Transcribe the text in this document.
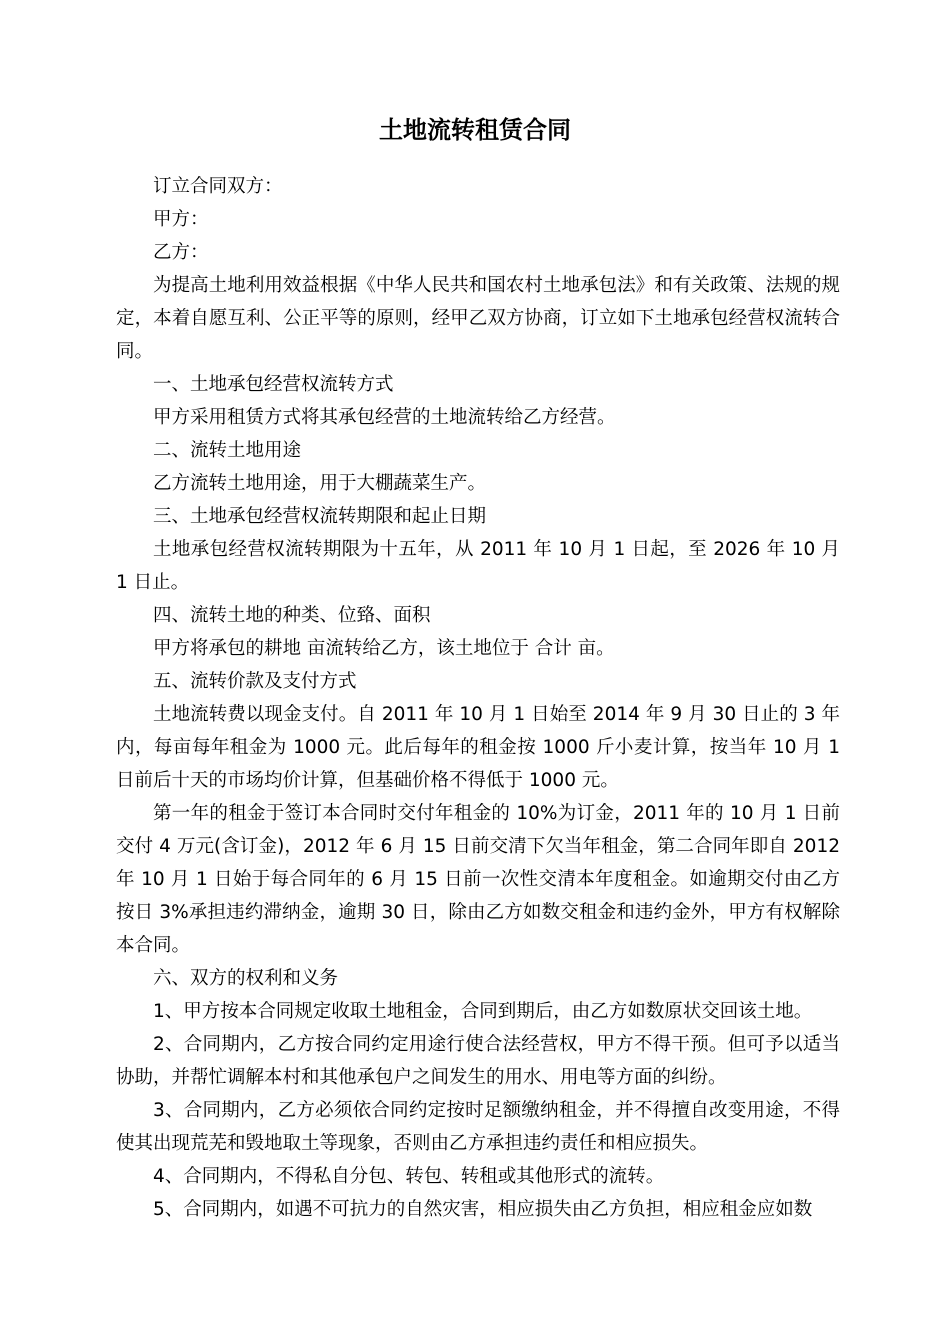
土地流转租赁合同

订立合同双方：

甲方：

乙方：

为提高土地利用效益根据《中华人民共和国农村土地承包法》和有关政策、法规的规定，本着自愿互利、公正平等的原则，经甲乙双方协商，订立如下土地承包经营权流转合同。

一、土地承包经营权流转方式

甲方采用租赁方式将其承包经营的土地流转给乙方经营。

二、流转土地用途

乙方流转土地用途，用于大棚蔬菜生产。

三、土地承包经营权流转期限和起止日期

土地承包经营权流转期限为十五年，从 2011 年 10 月 1 日起，至 2026 年 10 月 1 日止。

四、流转土地的种类、位臵、面积

甲方将承包的耕地 亩流转给乙方，该土地位于 合计 亩。

五、流转价款及支付方式

土地流转费以现金支付。自 2011 年 10 月 1 日始至 2014 年 9 月 30 日止的 3 年内，每亩每年租金为 1000 元。此后每年的租金按 1000 斤小麦计算，按当年 10 月 1 日前后十天的市场均价计算，但基础价格不得低于 1000 元。

第一年的租金于签订本合同时交付年租金的 10%为订金，2011 年的 10 月 1 日前交付 4 万元(含订金)，2012 年 6 月 15 日前交清下欠当年租金，第二合同年即自 2012 年 10 月 1 日始于每合同年的 6 月 15 日前一次性交清本年度租金。如逾期交付由乙方按日 3%承担违约滞纳金，逾期 30 日，除由乙方如数交租金和违约金外，甲方有权解除本合同。

六、双方的权利和义务

1、甲方按本合同规定收取土地租金，合同到期后，由乙方如数原状交回该土地。

2、合同期内，乙方按合同约定用途行使合法经营权，甲方不得干预。但可予以适当协助，并帮忙调解本村和其他承包户之间发生的用水、用电等方面的纠纷。

3、合同期内，乙方必须依合同约定按时足额缴纳租金，并不得擅自改变用途，不得使其出现荒芜和毁地取土等现象，否则由乙方承担违约责任和相应损失。

4、合同期内，不得私自分包、转包、转租或其他形式的流转。

5、合同期内，如遇不可抗力的自然灾害，相应损失由乙方负担，相应租金应如数
